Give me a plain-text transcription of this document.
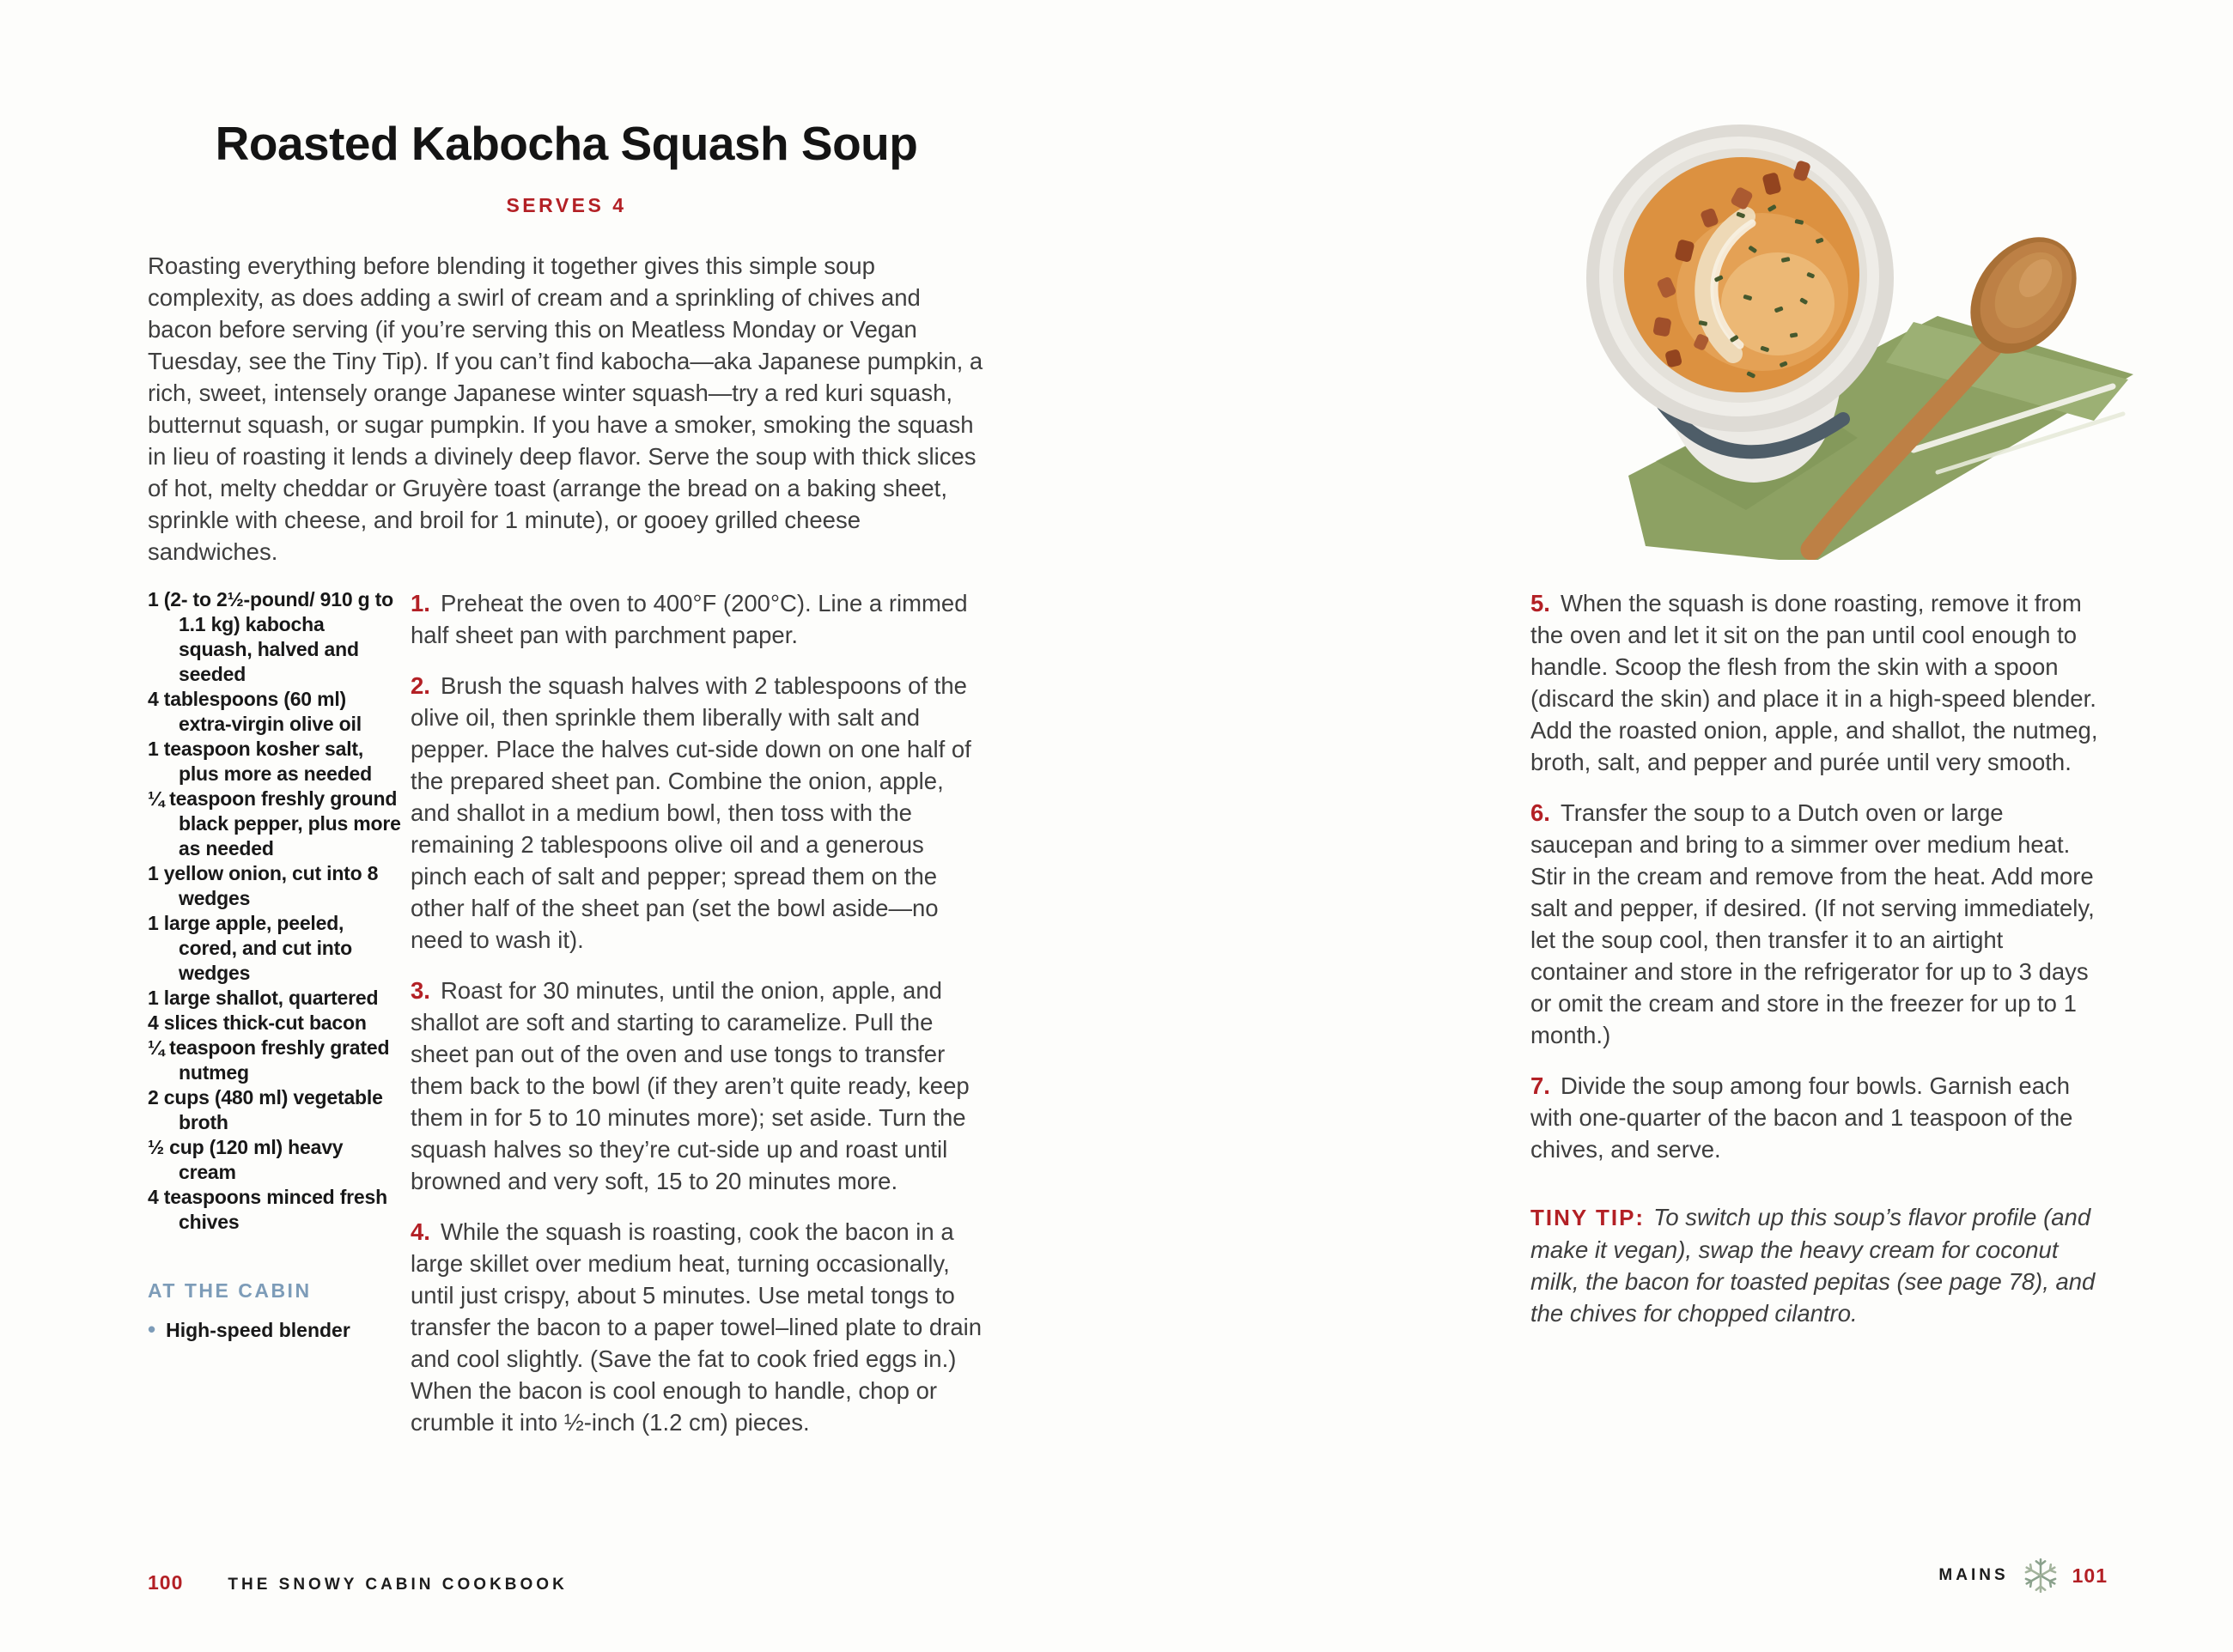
Roasted Kabocha Squash Soup
SERVES 4

Roasting everything before blending it together gives this simple soup complexity, as does adding a swirl of cream and a sprinkling of chives and bacon before serving (if you’re serving this on Meatless Monday or Vegan Tuesday, see the Tiny Tip). If you can’t find kabocha—aka Japanese pumpkin, a rich, sweet, intensely orange Japanese winter squash—try a red kuri squash, butternut squash, or sugar pumpkin. If you have a smoker, smoking the squash in lieu of roasting it lends a divinely deep flavor. Serve the soup with thick slices of hot, melty cheddar or Gruyère toast (arrange the bread on a baking sheet, sprinkle with cheese, and broil for 1 minute), or gooey grilled cheese sandwiches.

1 (2- to 2½-pound/ 910 g to 1.1 kg) kabocha squash, halved and seeded
4 tablespoons (60 ml) extra-virgin olive oil
1 teaspoon kosher salt, plus more as needed
¼ teaspoon freshly ground black pepper, plus more as needed
1 yellow onion, cut into 8 wedges
1 large apple, peeled, cored, and cut into wedges
1 large shallot, quartered
4 slices thick-cut bacon
¼ teaspoon freshly grated nutmeg
2 cups (480 ml) vegetable broth
½ cup (120 ml) heavy cream
4 teaspoons minced fresh chives
AT THE CABIN
• High-speed blender

1. Preheat the oven to 400°F (200°C). Line a rimmed half sheet pan with parchment paper.

2. Brush the squash halves with 2 tablespoons of the olive oil, then sprinkle them liberally with salt and pepper. Place the halves cut-side down on one half of the prepared sheet pan. Combine the onion, apple, and shallot in a medium bowl, then toss with the remaining 2 tablespoons olive oil and a generous pinch each of salt and pepper; spread them on the other half of the sheet pan (set the bowl aside—no need to wash it).

3. Roast for 30 minutes, until the onion, apple, and shallot are soft and starting to caramelize. Pull the sheet pan out of the oven and use tongs to transfer them back to the bowl (if they aren’t quite ready, keep them in for 5 to 10 minutes more); set aside. Turn the squash halves so they’re cut-side up and roast until browned and very soft, 15 to 20 minutes more.

4. While the squash is roasting, cook the bacon in a large skillet over medium heat, turning occasionally, until just crispy, about 5 minutes. Use metal tongs to transfer the bacon to a paper towel–lined plate to drain and cool slightly. (Save the fat to cook fried eggs in.) When the bacon is cool enough to handle, chop or crumble it into ½-inch (1.2 cm) pieces.

100	THE SNOWY CABIN COOKBOOK

5. When the squash is done roasting, remove it from the oven and let it sit on the pan until cool enough to handle. Scoop the flesh from the skin with a spoon (discard the skin) and place it in a high-speed blender. Add the roasted onion, apple, and shallot, the nutmeg, broth, salt, and pepper and purée until very smooth.

6. Transfer the soup to a Dutch oven or large saucepan and bring to a simmer over medium heat. Stir in the cream and remove from the heat. Add more salt and pepper, if desired. (If not serving immediately, let the soup cool, then transfer it to an airtight container and store in the refrigerator for up to 3 days or omit the cream and store in the freezer for up to 1 month.)

7. Divide the soup among four bowls. Garnish each with one-quarter of the bacon and 1 teaspoon of the chives, and serve.

TINY TIP: To switch up this soup’s flavor profile (and make it vegan), swap the heavy cream for coconut milk, the bacon for toasted pepitas (see page 78), and the chives for chopped cilantro.

MAINS	101
